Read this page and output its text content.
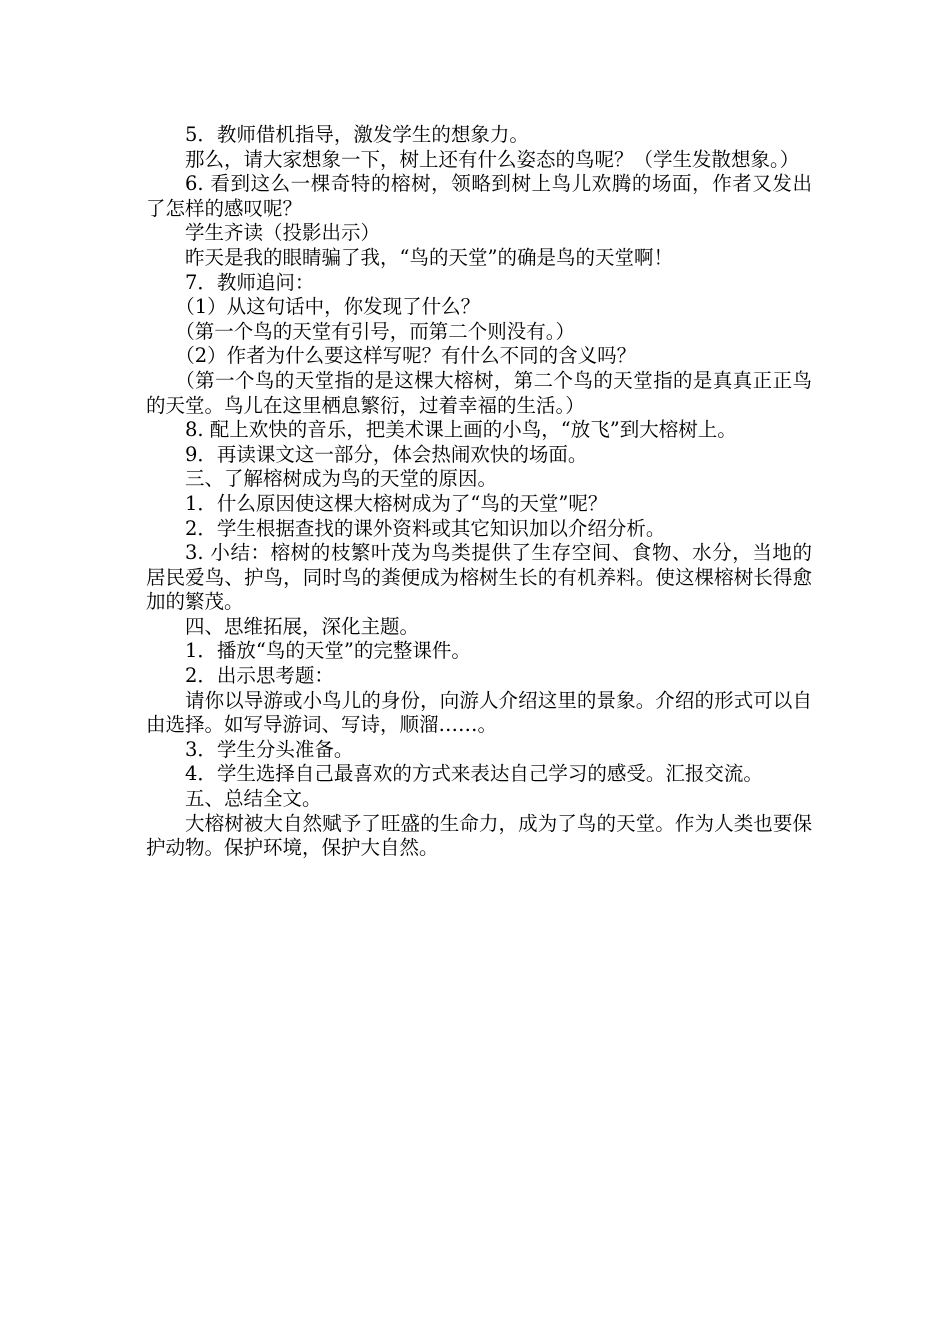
5．教师借机指导，激发学生的想象力。

那么，请大家想象一下，树上还有什么姿态的鸟呢？（学生发散想象。）

6. 看到这么一棵奇特的榕树，领略到树上鸟儿欢腾的场面，作者又发出了怎样的感叹呢？

学生齐读（投影出示）

昨天是我的眼睛骗了我，“鸟的天堂”的确是鸟的天堂啊！

7．教师追问：

（1）从这句话中，你发现了什么？

（第一个鸟的天堂有引号，而第二个则没有。）

（2）作者为什么要这样写呢？有什么不同的含义吗？

（第一个鸟的天堂指的是这棵大榕树，第二个鸟的天堂指的是真真正正鸟的天堂。鸟儿在这里栖息繁衍，过着幸福的生活。）

8. 配上欢快的音乐，把美术课上画的小鸟，“放飞”到大榕树上。

9．再读课文这一部分，体会热闹欢快的场面。

三、了解榕树成为鸟的天堂的原因。

1．什么原因使这棵大榕树成为了“鸟的天堂”呢？

2．学生根据查找的课外资料或其它知识加以介绍分析。

3. 小结：榕树的枝繁叶茂为鸟类提供了生存空间、食物、水分，当地的居民爱鸟、护鸟，同时鸟的粪便成为榕树生长的有机养料。使这棵榕树长得愈加的繁茂。

四、思维拓展，深化主题。

1．播放“鸟的天堂”的完整课件。

2．出示思考题：

请你以导游或小鸟儿的身份，向游人介绍这里的景象。介绍的形式可以自由选择。如写导游词、写诗，顺溜……。

3．学生分头准备。

4．学生选择自己最喜欢的方式来表达自己学习的感受。汇报交流。

五、总结全文。

大榕树被大自然赋予了旺盛的生命力，成为了鸟的天堂。作为人类也要保护动物。保护环境，保护大自然。
